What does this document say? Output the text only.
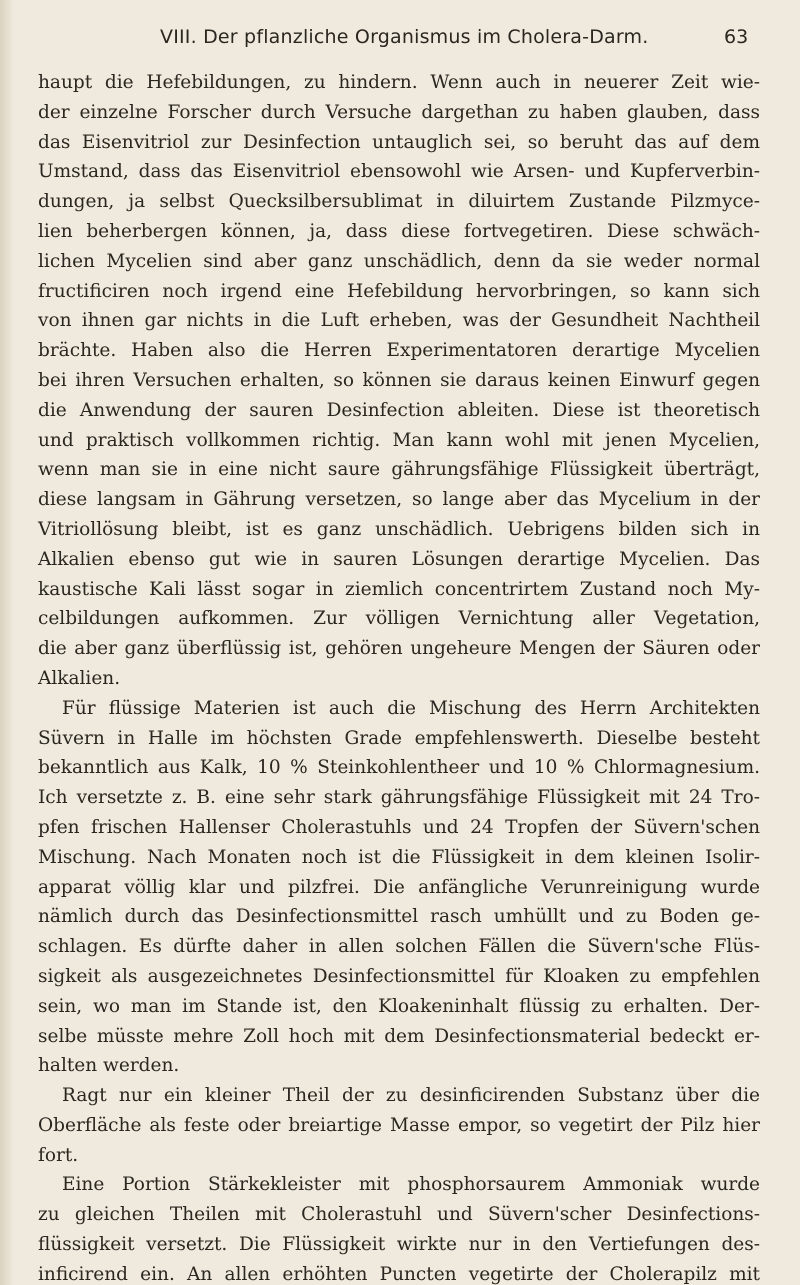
VIII. Der pflanzliche Organismus im Cholera-Darm.	63
haupt die Hefebildungen, zu hindern. Wenn auch in neuerer Zeit wie-
der einzelne Forscher durch Versuche dargethan zu haben glauben, dass
das Eisenvitriol zur Desinfection untauglich sei, so beruht das auf dem
Umstand, dass das Eisenvitriol ebensowohl wie Arsen- und Kupferverbin-
dungen, ja selbst Quecksilbersublimat in diluirtem Zustande Pilzmyce-
lien beherbergen können, ja, dass diese fortvegetiren. Diese schwäch-
lichen Mycelien sind aber ganz unschädlich, denn da sie weder normal
fructificiren noch irgend eine Hefebildung hervorbringen, so kann sich
von ihnen gar nichts in die Luft erheben, was der Gesundheit Nachtheil
brächte. Haben also die Herren Experimentatoren derartige Mycelien
bei ihren Versuchen erhalten, so können sie daraus keinen Einwurf gegen
die Anwendung der sauren Desinfection ableiten. Diese ist theoretisch
und praktisch vollkommen richtig. Man kann wohl mit jenen Mycelien,
wenn man sie in eine nicht saure gährungsfähige Flüssigkeit überträgt,
diese langsam in Gährung versetzen, so lange aber das Mycelium in der
Vitriollösung bleibt, ist es ganz unschädlich. Uebrigens bilden sich in
Alkalien ebenso gut wie in sauren Lösungen derartige Mycelien. Das
kaustische Kali lässt sogar in ziemlich concentrirtem Zustand noch My-
celbildungen aufkommen. Zur völligen Vernichtung aller Vegetation,
die aber ganz überflüssig ist, gehören ungeheure Mengen der Säuren oder
Alkalien.
Für flüssige Materien ist auch die Mischung des Herrn Architekten
Süvern in Halle im höchsten Grade empfehlenswerth. Dieselbe besteht
bekanntlich aus Kalk, 10 % Steinkohlentheer und 10 % Chlormagnesium.
Ich versetzte z. B. eine sehr stark gährungsfähige Flüssigkeit mit 24 Tro-
pfen frischen Hallenser Cholerastuhls und 24 Tropfen der Süvern'schen
Mischung. Nach Monaten noch ist die Flüssigkeit in dem kleinen Isolir-
apparat völlig klar und pilzfrei. Die anfängliche Verunreinigung wurde
nämlich durch das Desinfectionsmittel rasch umhüllt und zu Boden ge-
schlagen. Es dürfte daher in allen solchen Fällen die Süvern'sche Flüs-
sigkeit als ausgezeichnetes Desinfectionsmittel für Kloaken zu empfehlen
sein, wo man im Stande ist, den Kloakeninhalt flüssig zu erhalten. Der-
selbe müsste mehre Zoll hoch mit dem Desinfectionsmaterial bedeckt er-
halten werden.
Ragt nur ein kleiner Theil der zu desinficirenden Substanz über die
Oberfläche als feste oder breiartige Masse empor, so vegetirt der Pilz hier
fort.
Eine Portion Stärkekleister mit phosphorsaurem Ammoniak wurde
zu gleichen Theilen mit Cholerastuhl und Süvern'scher Desinfections-
flüssigkeit versetzt. Die Flüssigkeit wirkte nur in den Vertiefungen des-
inficirend ein. An allen erhöhten Puncten vegetirte der Cholerapilz mit
